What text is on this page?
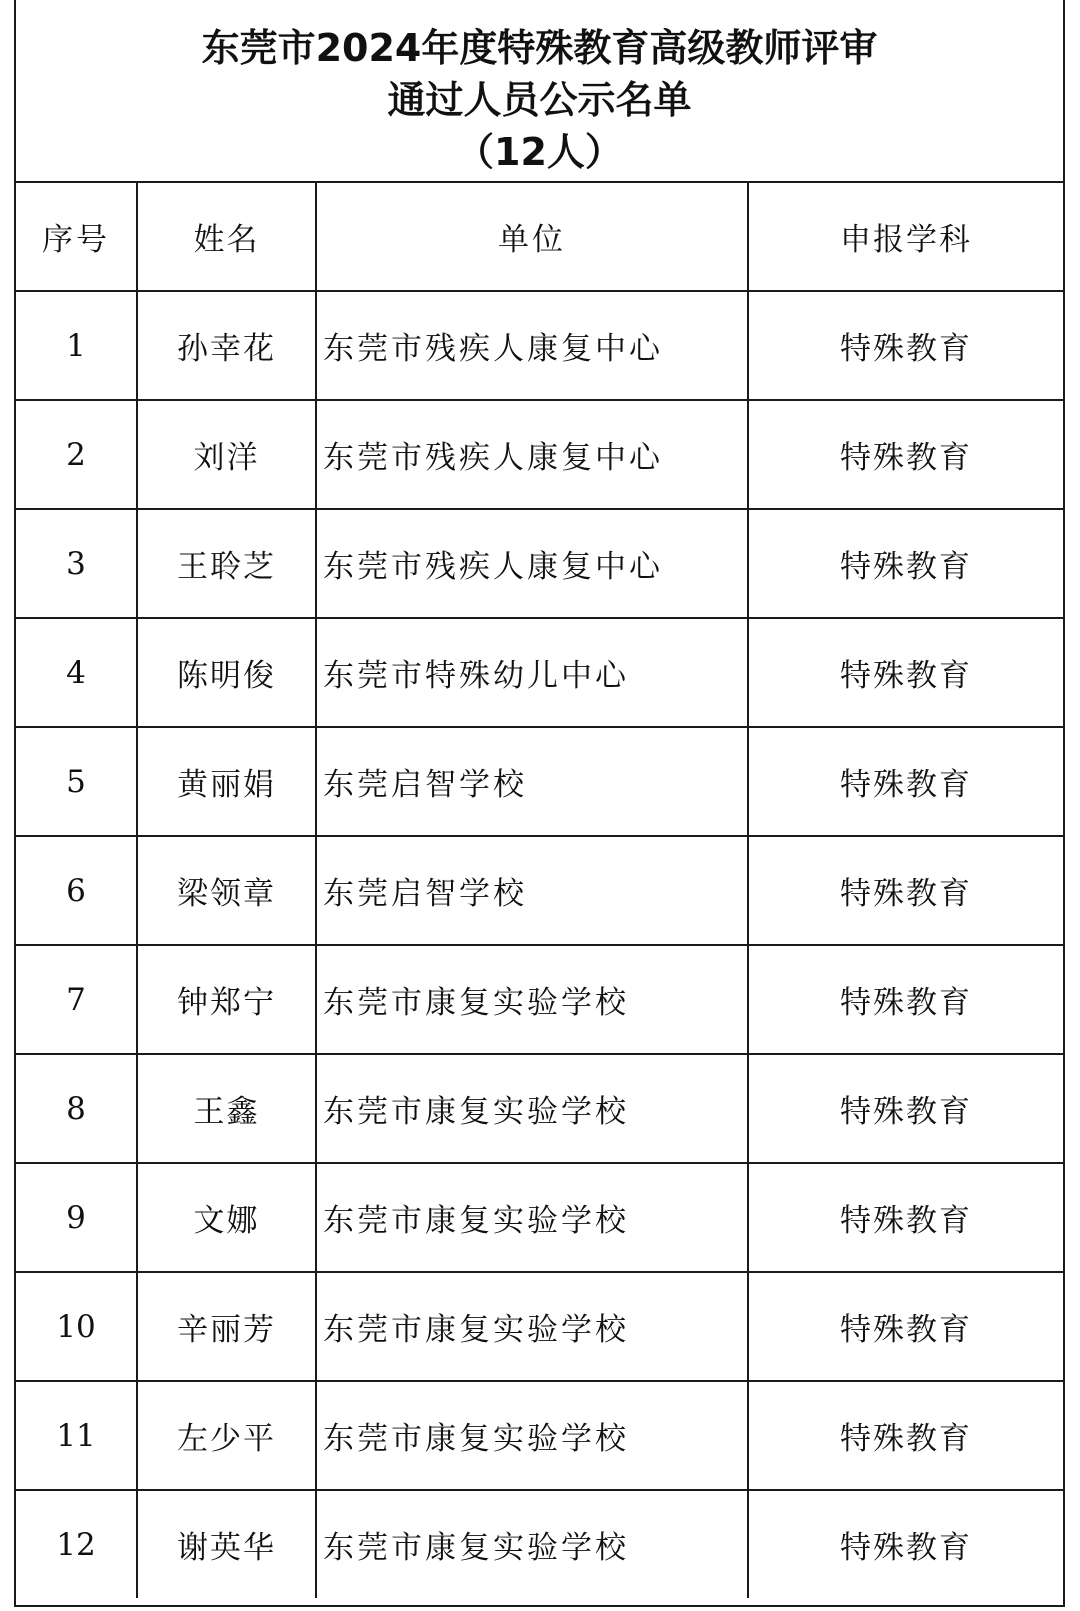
东莞市2024年度特殊教育高级教师评审
通过人员公示名单
（12人）
序号	姓名	单位	申报学科
1	孙幸花	东莞市残疾人康复中心	特殊教育
2	刘洋	东莞市残疾人康复中心	特殊教育
3	王聆芝	东莞市残疾人康复中心	特殊教育
4	陈明俊	东莞市特殊幼儿中心	特殊教育
5	黄丽娟	东莞启智学校	特殊教育
6	梁领章	东莞启智学校	特殊教育
7	钟郑宁	东莞市康复实验学校	特殊教育
8	王鑫	东莞市康复实验学校	特殊教育
9	文娜	东莞市康复实验学校	特殊教育
10	辛丽芳	东莞市康复实验学校	特殊教育
11	左少平	东莞市康复实验学校	特殊教育
12	谢英华	东莞市康复实验学校	特殊教育
